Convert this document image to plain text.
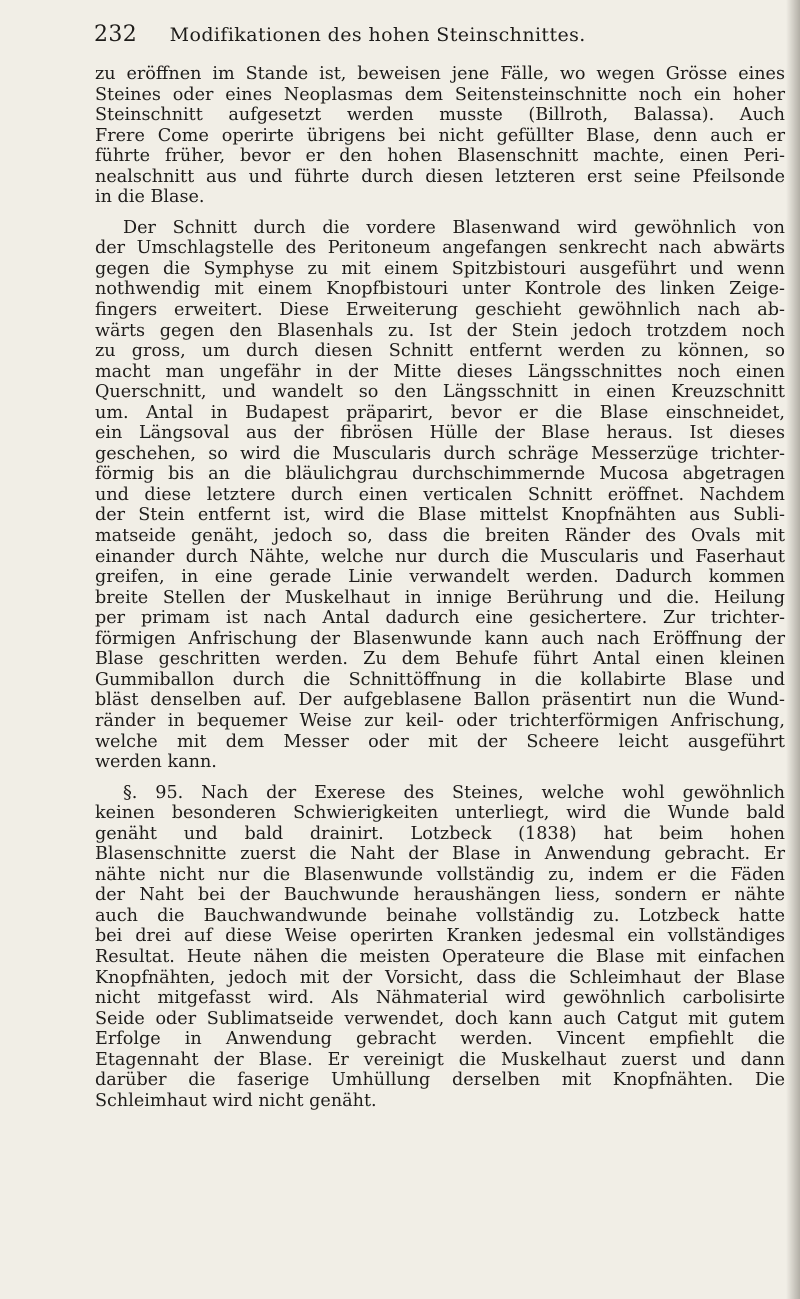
232 Modifikationen des hohen Steinschnittes.
zu eröffnen im Stande ist, beweisen jene Fälle, wo wegen Grösse eines
Steines oder eines Neoplasmas dem Seitensteinschnitte noch ein hoher
Steinschnitt aufgesetzt werden musste (Billroth, Balassa). Auch
Frere Come operirte übrigens bei nicht gefüllter Blase, denn auch er
führte früher, bevor er den hohen Blasenschnitt machte, einen Peri-
nealschnitt aus und führte durch diesen letzteren erst seine Pfeilsonde
in die Blase.
Der Schnitt durch die vordere Blasenwand wird gewöhnlich von
der Umschlagstelle des Peritoneum angefangen senkrecht nach abwärts
gegen die Symphyse zu mit einem Spitzbistouri ausgeführt und wenn
nothwendig mit einem Knopfbistouri unter Kontrole des linken Zeige-
fingers erweitert. Diese Erweiterung geschieht gewöhnlich nach ab-
wärts gegen den Blasenhals zu. Ist der Stein jedoch trotzdem noch
zu gross, um durch diesen Schnitt entfernt werden zu können, so
macht man ungefähr in der Mitte dieses Längsschnittes noch einen
Querschnitt, und wandelt so den Längsschnitt in einen Kreuzschnitt
um. Antal in Budapest präparirt, bevor er die Blase einschneidet,
ein Längsoval aus der fibrösen Hülle der Blase heraus. Ist dieses
geschehen, so wird die Muscularis durch schräge Messerzüge trichter-
förmig bis an die bläulichgrau durchschimmernde Mucosa abgetragen
und diese letztere durch einen verticalen Schnitt eröffnet. Nachdem
der Stein entfernt ist, wird die Blase mittelst Knopfnähten aus Subli-
matseide genäht, jedoch so, dass die breiten Ränder des Ovals mit
einander durch Nähte, welche nur durch die Muscularis und Faserhaut
greifen, in eine gerade Linie verwandelt werden. Dadurch kommen
breite Stellen der Muskelhaut in innige Berührung und die. Heilung
per primam ist nach Antal dadurch eine gesichertere. Zur trichter-
förmigen Anfrischung der Blasenwunde kann auch nach Eröffnung der
Blase geschritten werden. Zu dem Behufe führt Antal einen kleinen
Gummiballon durch die Schnittöffnung in die kollabirte Blase und
bläst denselben auf. Der aufgeblasene Ballon präsentirt nun die Wund-
ränder in bequemer Weise zur keil- oder trichterförmigen Anfrischung,
welche mit dem Messer oder mit der Scheere leicht ausgeführt
werden kann.
§. 95. Nach der Exerese des Steines, welche wohl gewöhnlich
keinen besonderen Schwierigkeiten unterliegt, wird die Wunde bald
genäht und bald drainirt. Lotzbeck (1838) hat beim hohen
Blasenschnitte zuerst die Naht der Blase in Anwendung gebracht. Er
nähte nicht nur die Blasenwunde vollständig zu, indem er die Fäden
der Naht bei der Bauchwunde heraushängen liess, sondern er nähte
auch die Bauchwandwunde beinahe vollständig zu. Lotzbeck hatte
bei drei auf diese Weise operirten Kranken jedesmal ein vollständiges
Resultat. Heute nähen die meisten Operateure die Blase mit einfachen
Knopfnähten, jedoch mit der Vorsicht, dass die Schleimhaut der Blase
nicht mitgefasst wird. Als Nähmaterial wird gewöhnlich carbolisirte
Seide oder Sublimatseide verwendet, doch kann auch Catgut mit gutem
Erfolge in Anwendung gebracht werden. Vincent empfiehlt die
Etagennaht der Blase. Er vereinigt die Muskelhaut zuerst und dann
darüber die faserige Umhüllung derselben mit Knopfnähten. Die
Schleimhaut wird nicht genäht.
